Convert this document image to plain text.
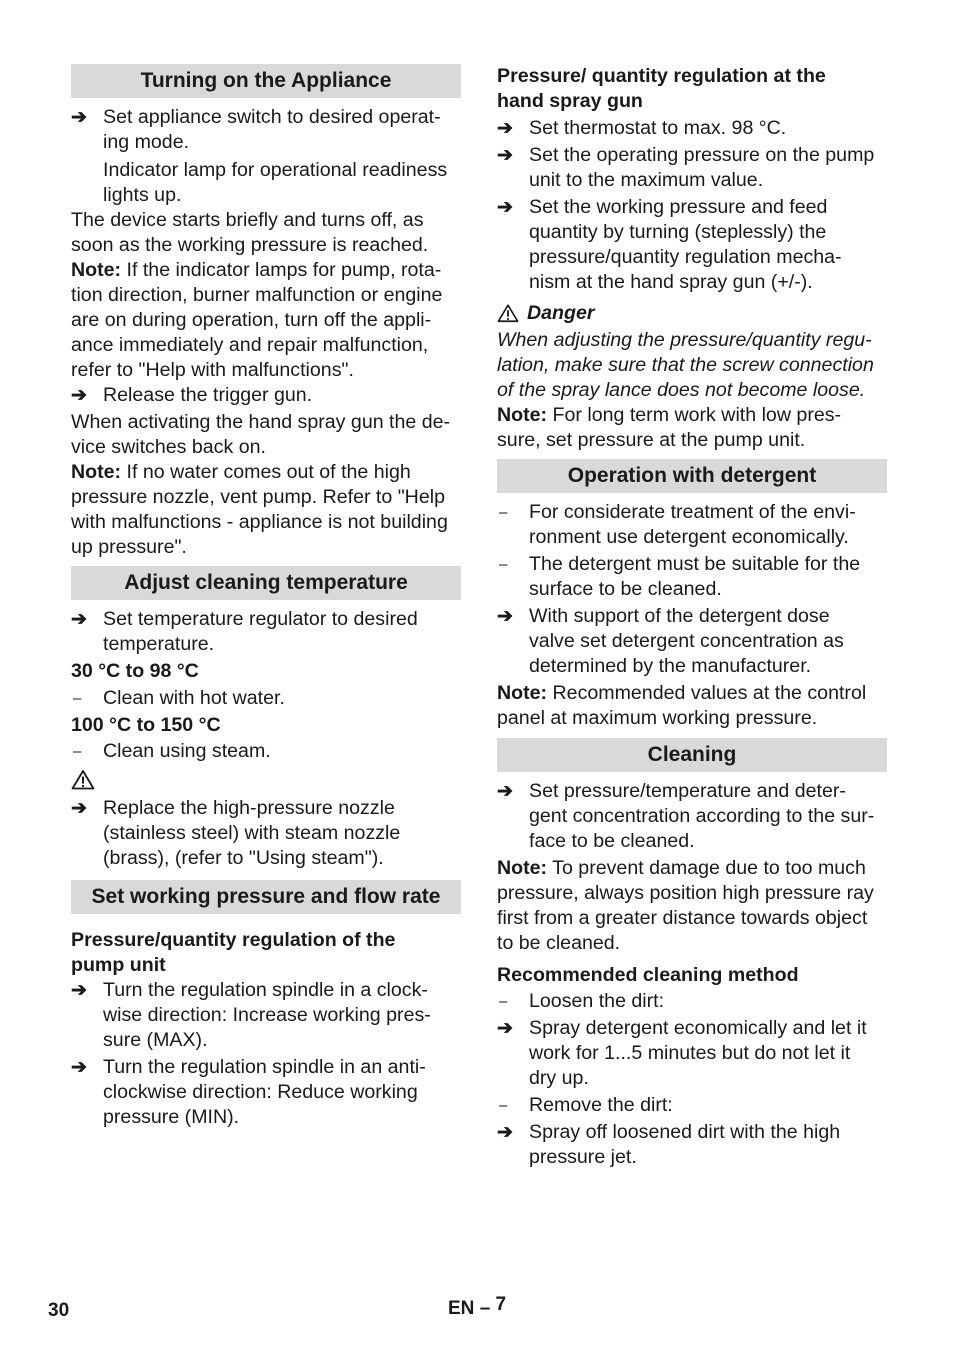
Turning on the Appliance
➔ Set appliance switch to desired operat-

ing mode.

Indicator lamp for operational readiness

lights up.

The device starts briefly and turns off, as

soon as the working pressure is reached.

Note: If the indicator lamps for pump, rota-

tion direction, burner malfunction or engine

are on during operation, turn off the appli-

ance immediately and repair malfunction,

refer to "Help with malfunctions".

➔ Release the trigger gun.

When activating the hand spray gun the de-

vice switches back on.

Note: If no water comes out of the high

pressure nozzle, vent pump. Refer to "Help

with malfunctions - appliance is not building

up pressure".

Adjust cleaning temperature
➔ Set temperature regulator to desired

temperature.

30 °C to 98 °C

–	Clean with hot water.

100 °C to 150 °C

–	Clean using steam.

➔ Replace the high-pressure nozzle

(stainless steel) with steam nozzle

(brass), (refer to "Using steam").

Set working pressure and flow rate

Pressure/quantity regulation of the

pump unit

➔ Turn the regulation spindle in a clock-

wise direction: Increase working pres-

sure (MAX).

➔ Turn the regulation spindle in an anti-

clockwise direction: Reduce working

pressure (MIN).

Pressure/ quantity regulation at the

hand spray gun

➔ Set thermostat to max. 98 °C.

➔ Set the operating pressure on the pump

unit to the maximum value.

➔ Set the working pressure and feed

quantity by turning (steplessly) the

pressure/quantity regulation mecha-

nism at the hand spray gun (+/-).

Danger

When adjusting the pressure/quantity regu-

lation, make sure that the screw connection

of the spray lance does not become loose.

Note: For long term work with low pres-

sure, set pressure at the pump unit.

Operation with detergent
–	For considerate treatment of the envi-

ronment use detergent economically.

–	The detergent must be suitable for the

surface to be cleaned.

➔ With support of the detergent dose

valve set detergent concentration as

determined by the manufacturer.

Note: Recommended values at the control

panel at maximum working pressure.

Cleaning
➔ Set pressure/temperature and deter-

gent concentration according to the sur-

face to be cleaned.

Note: To prevent damage due to too much

pressure, always position high pressure ray

first from a greater distance towards object

to be cleaned.

Recommended cleaning method

–	Loosen the dirt:

➔ Spray detergent economically and let it

work for 1...5 minutes but do not let it

dry up.

–	Remove the dirt:

➔ Spray off loosened dirt with the high

pressure jet.

30	EN – 7
